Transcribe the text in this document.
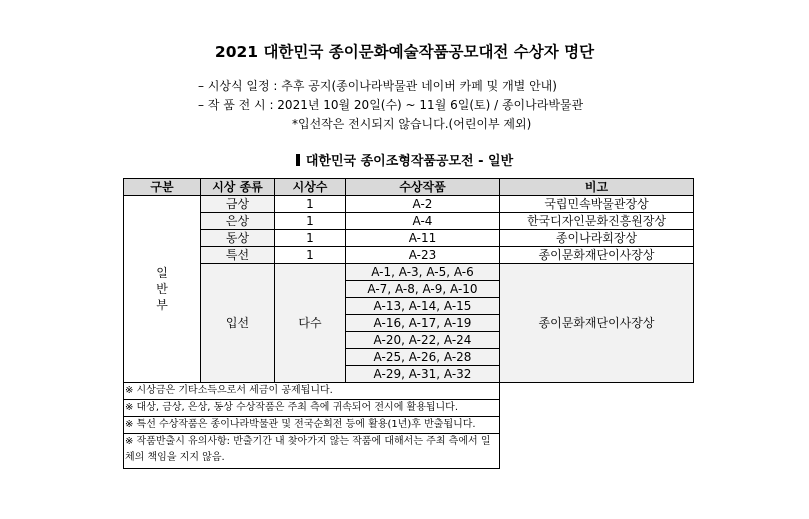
2021 대한민국 종이문화예술작품공모대전 수상자 명단
– 시상식 일정 : 추후 공지(종이나라박물관 네이버 카페 및 개별 안내)
– 작 품 전 시 : 2021년 10월 20일(수) ~ 11월 6일(토) / 종이나라박물관
*입선작은 전시되지 않습니다.(어린이부 제외)
대한민국 종이조형작품공모전 - 일반
구분	시상 종류	시상수	수상작품	비고
일
반
부	금상	1	A-2	국립민속박물관장상
	은상	1	A-4	한국디자인문화진흥원장상
	동상	1	A-11	종이나라회장상
	특선	1	A-23	종이문화재단이사장상
	입선	다수	A-1, A-3, A-5, A-6	종이문화재단이사장상
			A-7, A-8, A-9, A-10	
			A-13, A-14, A-15	
			A-16, A-17, A-19	
			A-20, A-22, A-24	
			A-25, A-26, A-28	
			A-29, A-31, A-32	
※ 시상금은 기타소득으로서 세금이 공제됩니다.				
※ 대상, 금상, 은상, 동상 수상작품은 주최 측에 귀속되어 전시에 활용됩니다.				
※ 특선 수상작품은 종이나라박물관 및 전국순회전 등에 활용(1년)후 반출됩니다.				
※ 작품반출시 유의사항: 반출기간 내 찾아가지 않는 작품에 대해서는 주최 측에서 일체의 책임을 지지 않음.				
